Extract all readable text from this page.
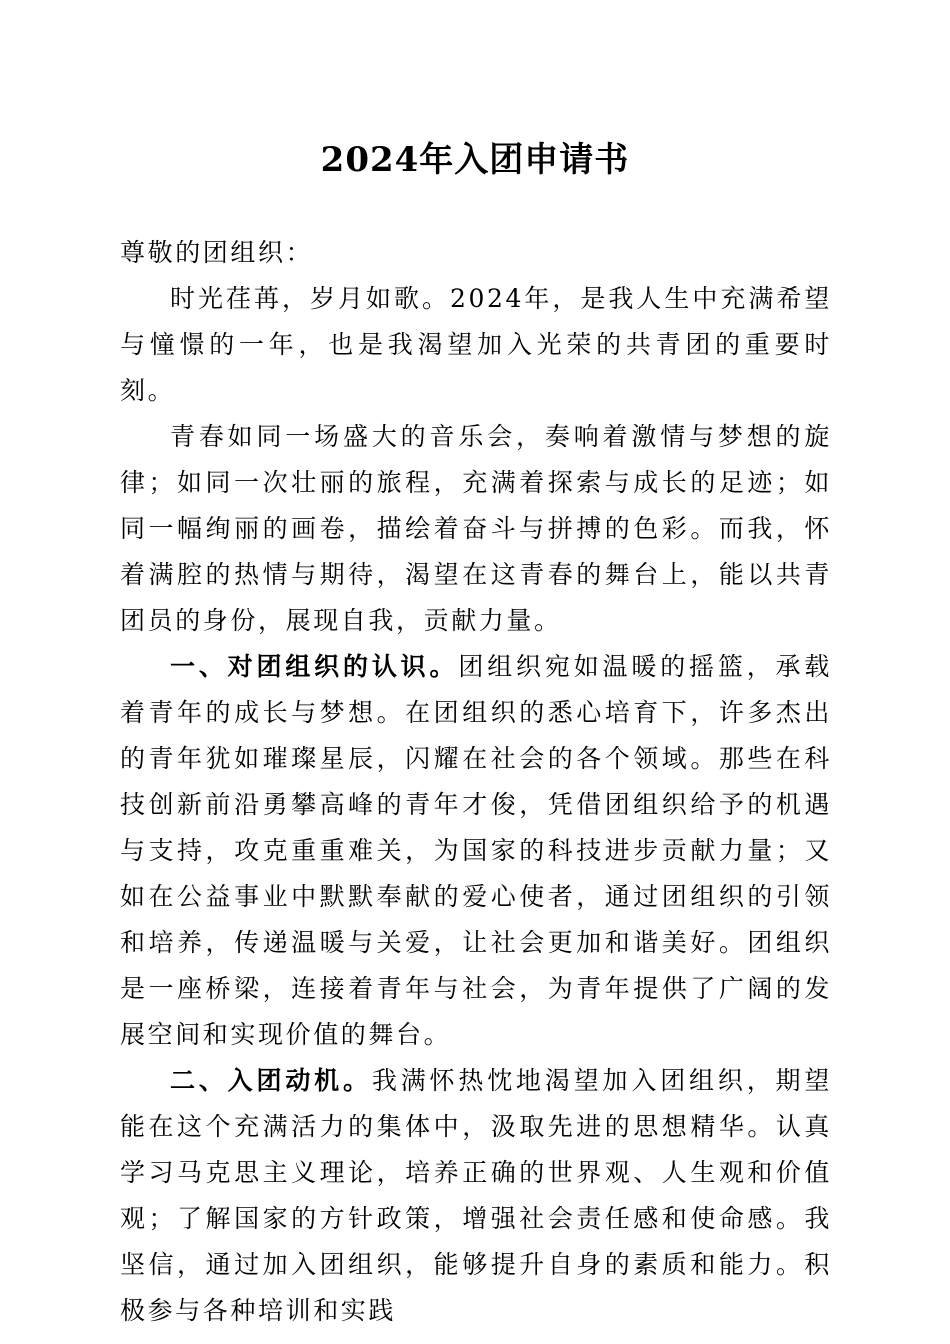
2024年入团申请书

尊敬的团组织：

时光荏苒，岁月如歌。2024年，是我人生中充满希望与憧憬的一年，也是我渴望加入光荣的共青团的重要时刻。

青春如同一场盛大的音乐会，奏响着激情与梦想的旋律；如同一次壮丽的旅程，充满着探索与成长的足迹；如同一幅绚丽的画卷，描绘着奋斗与拼搏的色彩。而我，怀着满腔的热情与期待，渴望在这青春的舞台上，能以共青团员的身份，展现自我，贡献力量。

一、对团组织的认识。团组织宛如温暖的摇篮，承载着青年的成长与梦想。在团组织的悉心培育下，许多杰出的青年犹如璀璨星辰，闪耀在社会的各个领域。那些在科技创新前沿勇攀高峰的青年才俊，凭借团组织给予的机遇与支持，攻克重重难关，为国家的科技进步贡献力量；又如在公益事业中默默奉献的爱心使者，通过团组织的引领和培养，传递温暖与关爱，让社会更加和谐美好。团组织是一座桥梁，连接着青年与社会，为青年提供了广阔的发展空间和实现价值的舞台。

二、入团动机。我满怀热忱地渴望加入团组织，期望能在这个充满活力的集体中，汲取先进的思想精华。认真学习马克思主义理论，培养正确的世界观、人生观和价值观；了解国家的方针政策，增强社会责任感和使命感。我坚信，通过加入团组织，能够提升自身的素质和能力。积极参与各种培训和实践
